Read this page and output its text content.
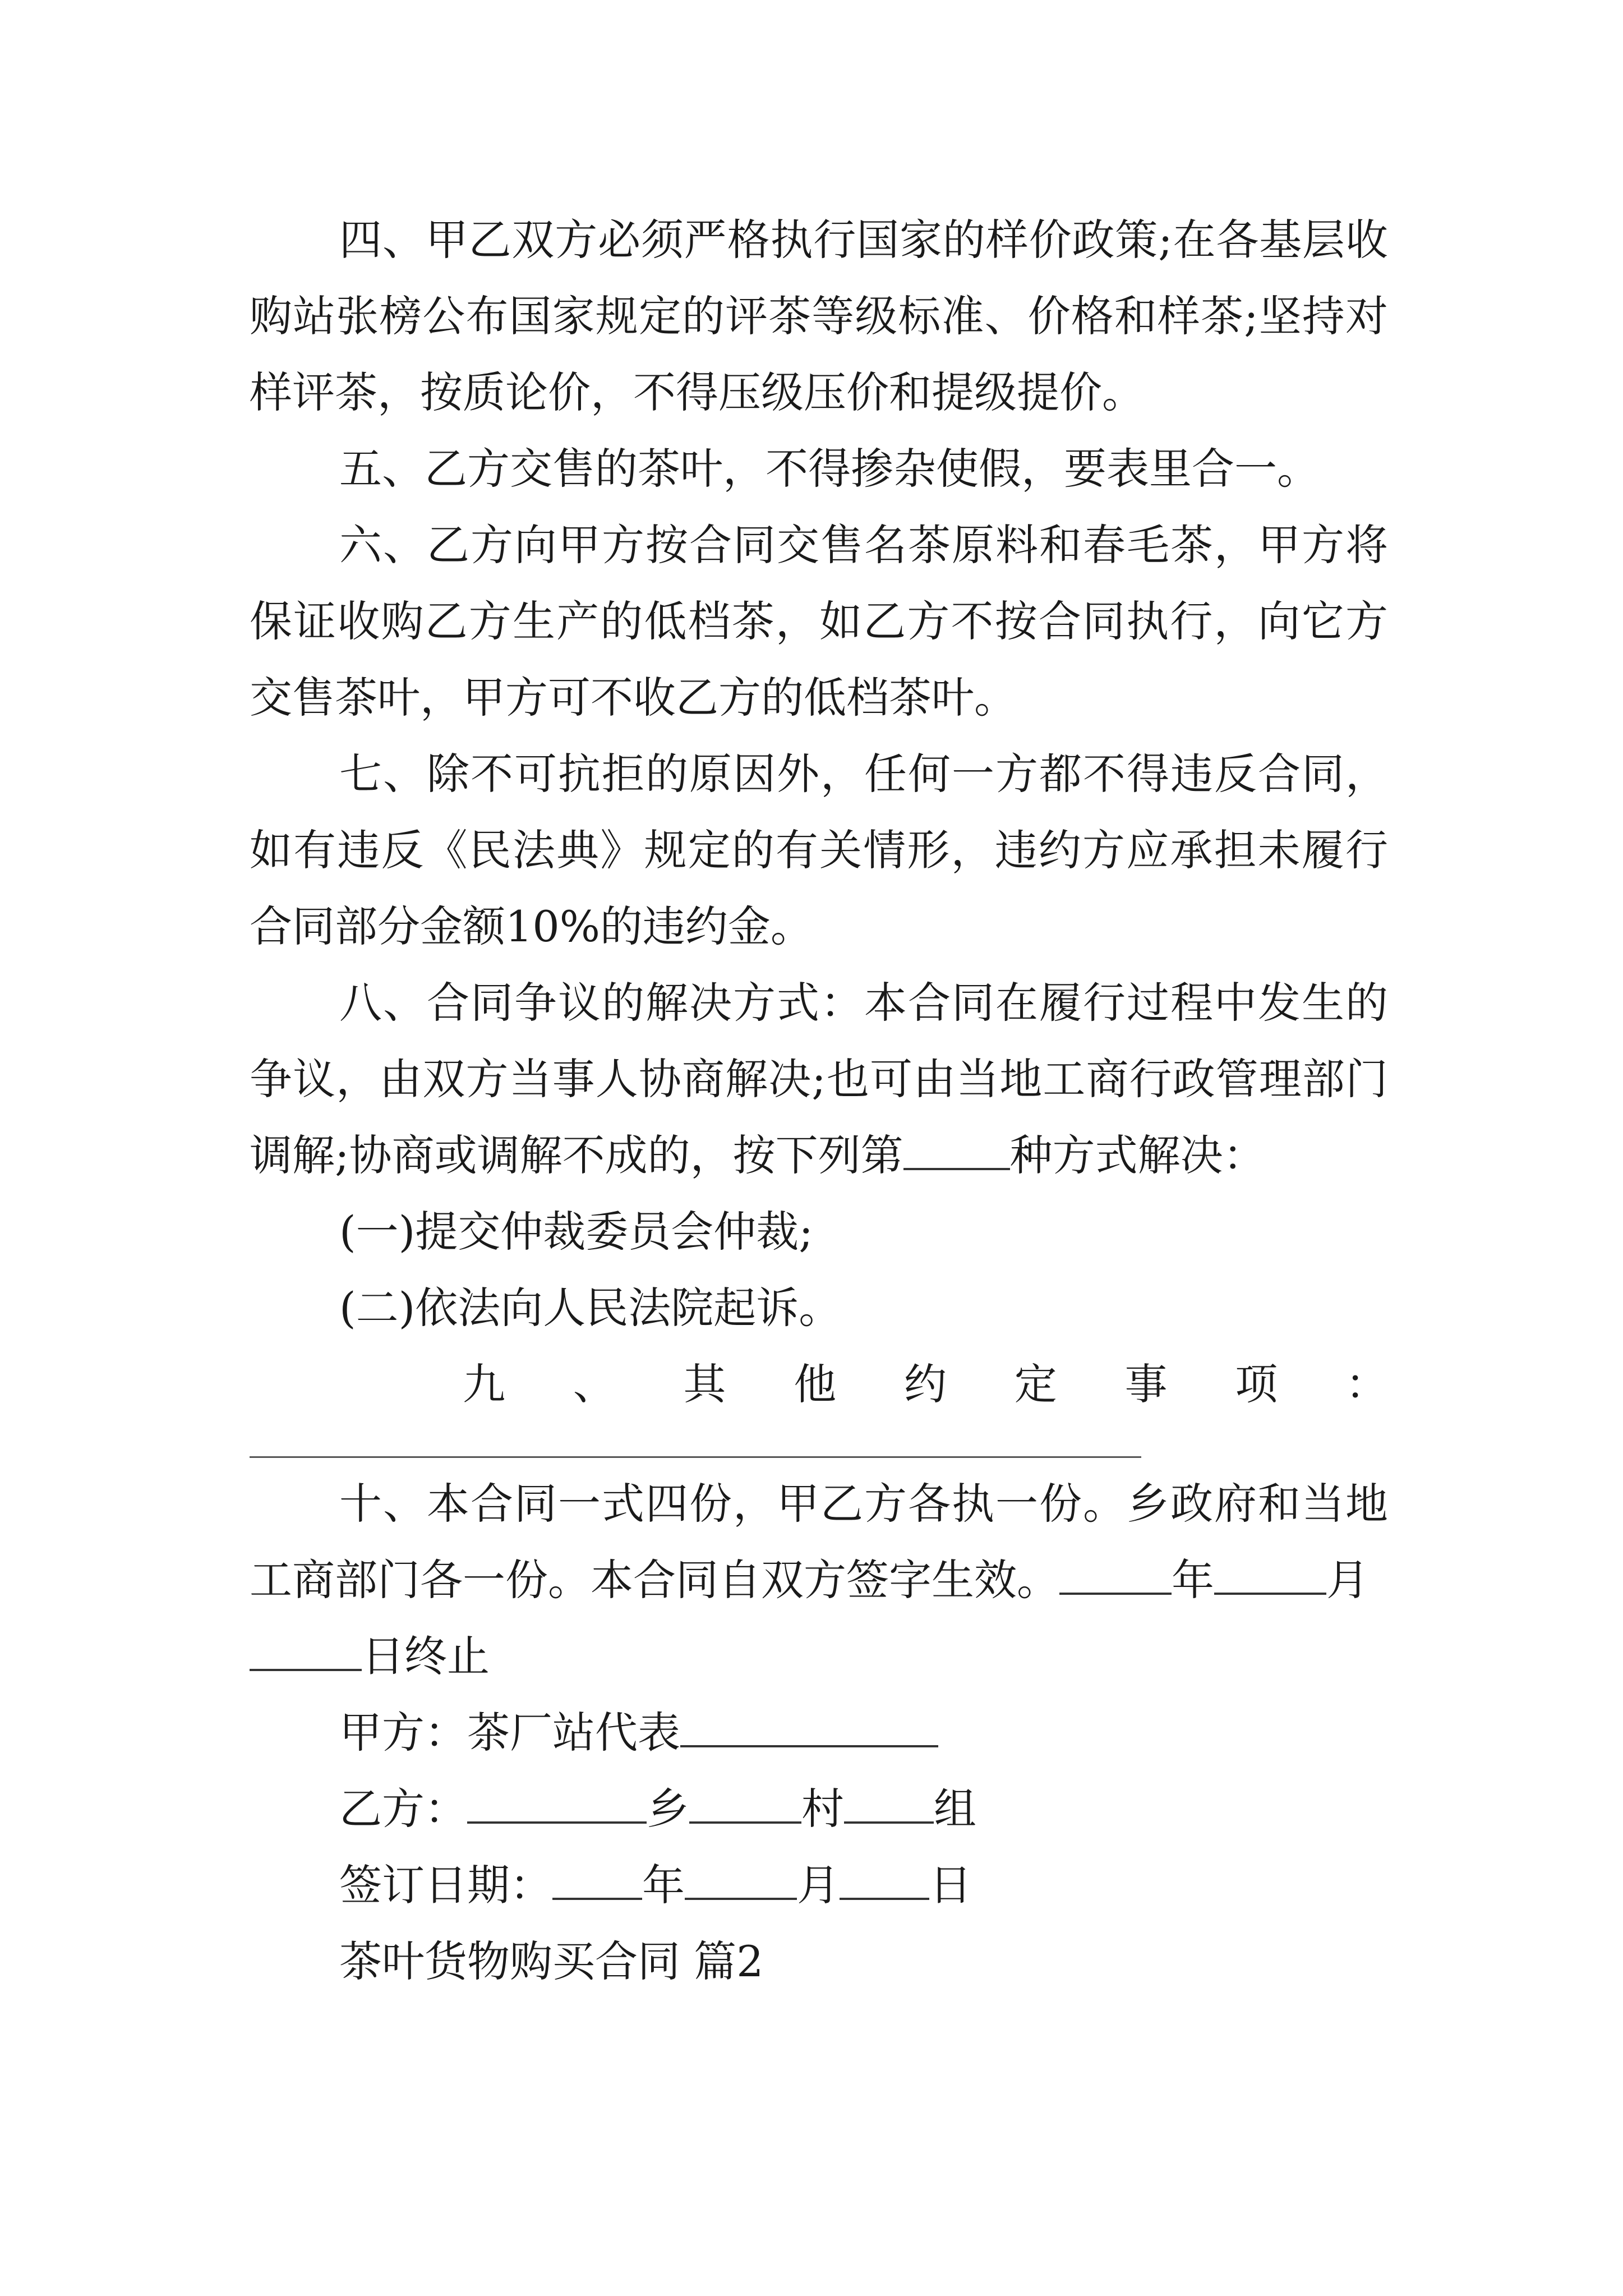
四、甲乙双方必须严格执行国家的样价政策;在各基层收购站张榜公布国家规定的评茶等级标准、价格和样茶;坚持对样评茶，按质论价，不得压级压价和提级提价。

五、乙方交售的茶叶，不得掺杂使假，要表里合一。

六、乙方向甲方按合同交售名茶原料和春毛茶，甲方将保证收购乙方生产的低档茶，如乙方不按合同执行，向它方交售茶叶，甲方可不收乙方的低档茶叶。

七、除不可抗拒的原因外，任何一方都不得违反合同，如有违反《民法典》规定的有关情形，违约方应承担未履行合同部分金额10%的违约金。

八、合同争议的解决方式：本合同在履行过程中发生的争议，由双方当事人协商解决;也可由当地工商行政管理部门调解;协商或调解不成的，按下列第	种方式解决：

(一)提交仲裁委员会仲裁;

(二)依法向人民法院起诉。

九 、 其 他 约 定 事 项 ：

十、本合同一式四份，甲乙方各执一份。乡政府和当地工商部门各一份。本合同自双方签字生效。	年	月
日终止

甲方：茶厂站代表

乙方：	乡	村 组

签订日期： 年	月 日

茶叶货物购买合同 篇2
